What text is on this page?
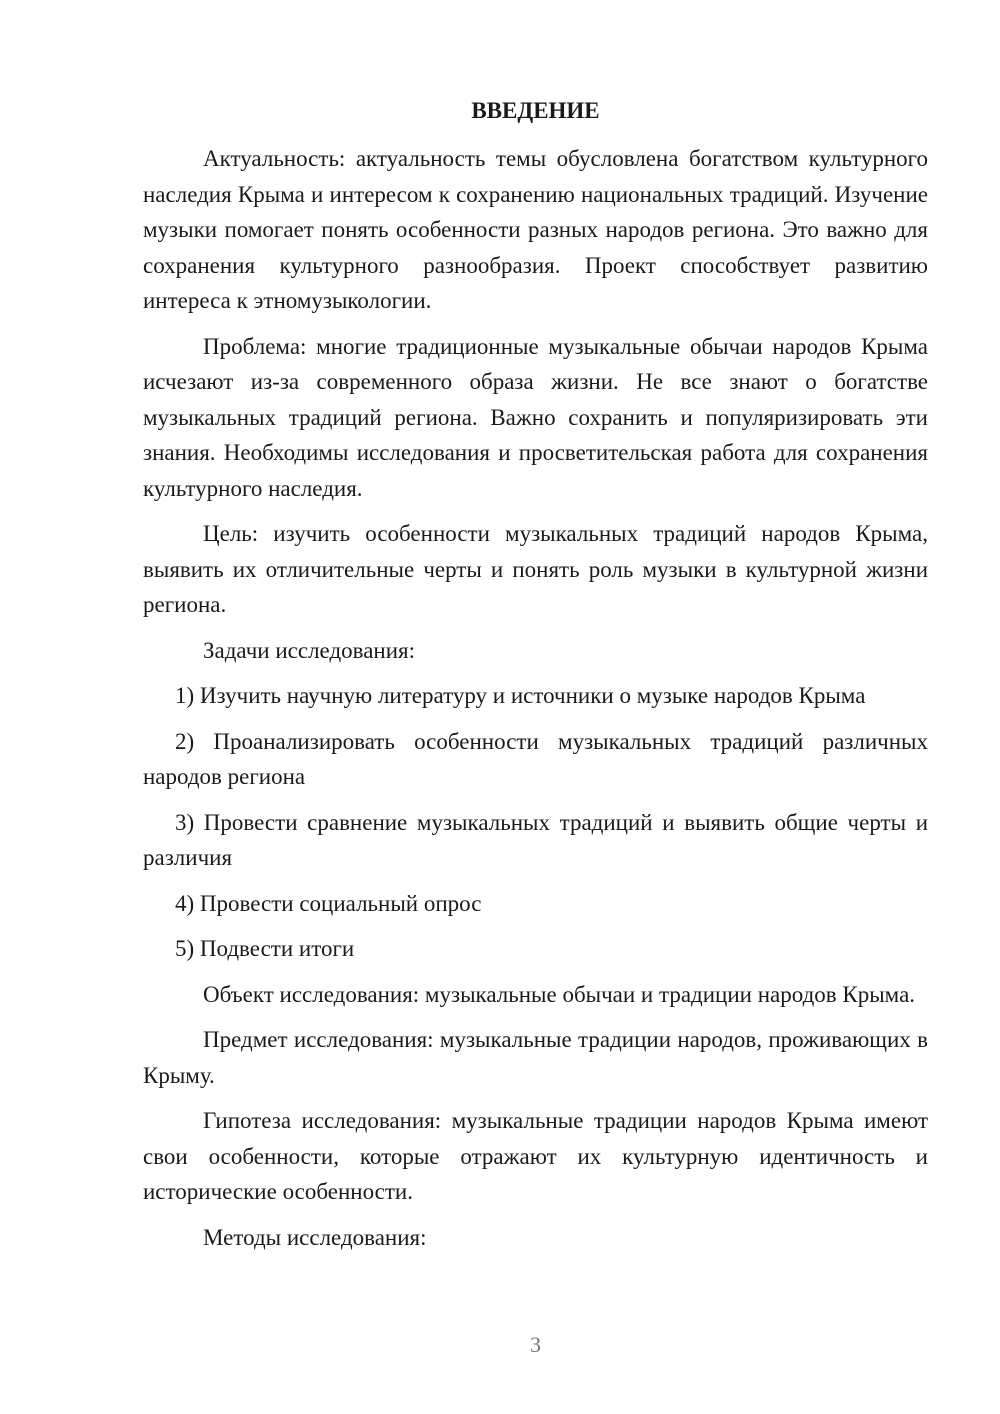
ВВЕДЕНИЕ

Актуальность: актуальность темы обусловлена богатством культурного наследия Крыма и интересом к сохранению национальных традиций. Изучение музыки помогает понять особенности разных народов региона. Это важно для сохранения культурного разнообразия. Проект способствует развитию интереса к этномузыкологии.

Проблема: многие традиционные музыкальные обычаи народов Крыма исчезают из-за современного образа жизни. Не все знают о богатстве музыкальных традиций региона. Важно сохранить и популяризировать эти знания. Необходимы исследования и просветительская работа для сохранения культурного наследия.

Цель: изучить особенности музыкальных традиций народов Крыма, выявить их отличительные черты и понять роль музыки в культурной жизни региона.

Задачи исследования:

1) Изучить научную литературу и источники о музыке народов Крыма

2) Проанализировать особенности музыкальных традиций различных народов региона

3) Провести сравнение музыкальных традиций и выявить общие черты и различия

4) Провести социальный опрос

5) Подвести итоги

Объект исследования: музыкальные обычаи и традиции народов Крыма.

Предмет исследования: музыкальные традиции народов, проживающих в Крыму.

Гипотеза исследования: музыкальные традиции народов Крыма имеют свои особенности, которые отражают их культурную идентичность и исторические особенности.

Методы исследования:

3
